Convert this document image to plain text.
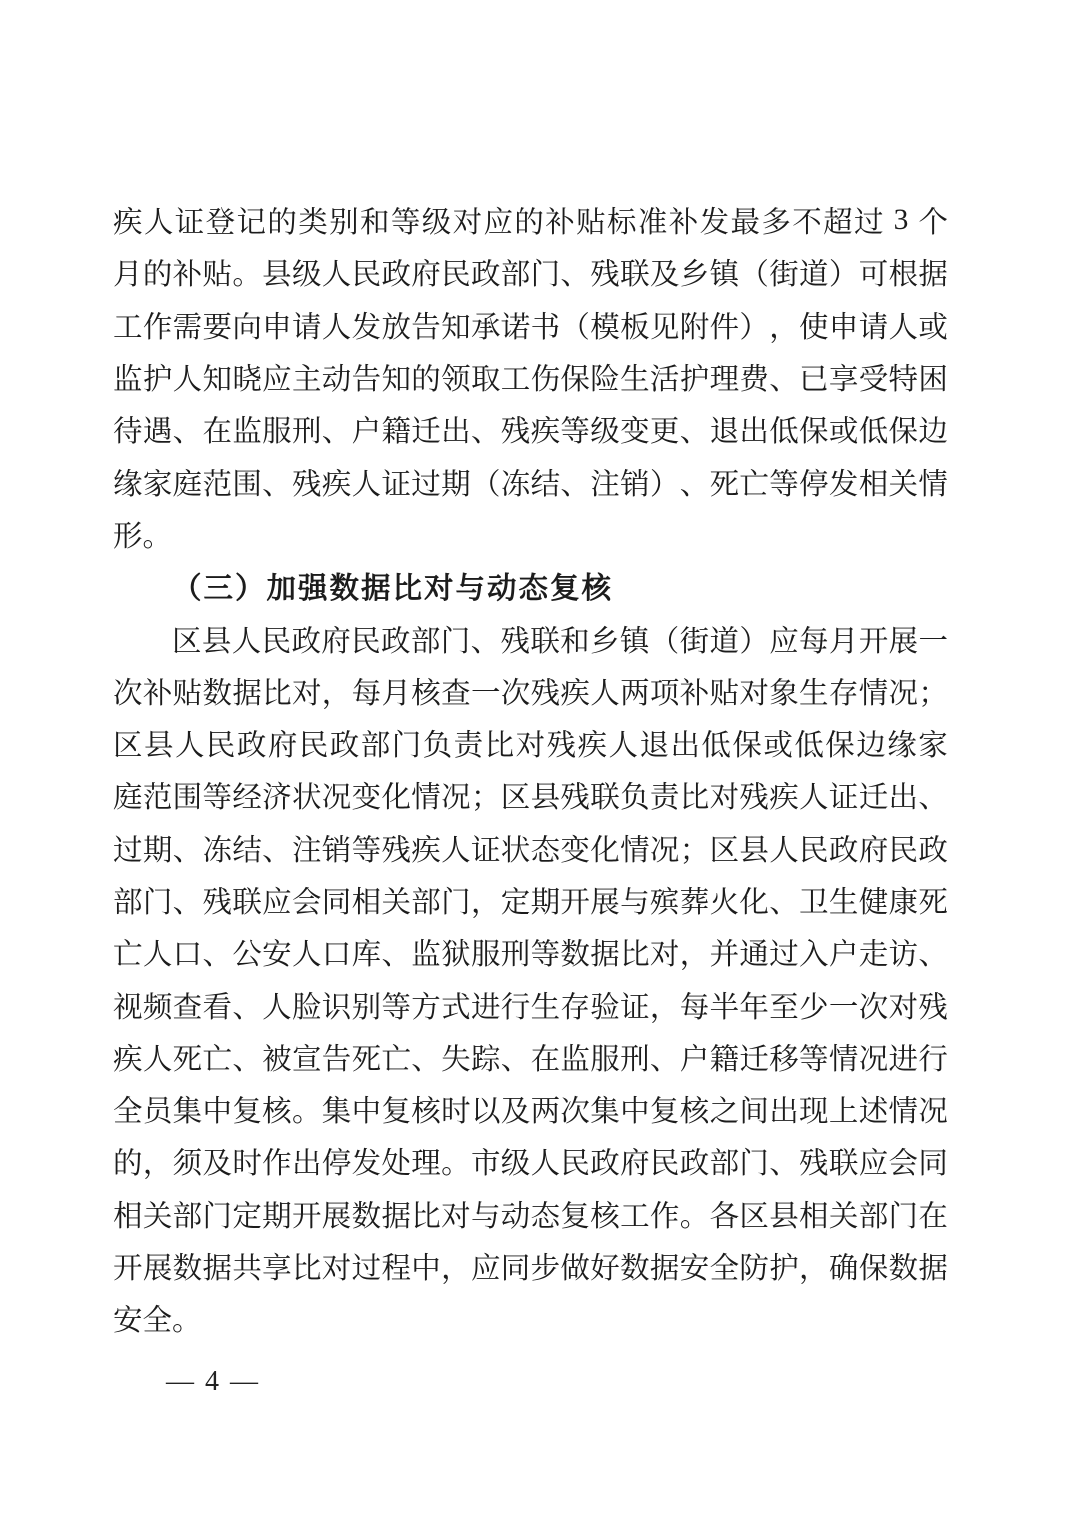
疾 人 证 登 记 的 类 别 和 等 级 对 应 的 补 贴 标 准 补 发 最 多 不 超 过
3
个
月 的 补 贴 。 县 级 人 民 政 府 民 政 部 门 、 残 联 及 乡 镇 （ 街 道 ） 可 根 据
工 作 需 要 向 申 请 人 发 放 告 知 承 诺 书 （ 模 板 见 附 件 ） ， 使 申 请 人 或
监 护 人 知 晓 应 主 动 告 知 的 领 取 工 伤 保 险 生 活 护 理 费 、 已 享 受 特 困
待 遇 、 在 监 服 刑 、 户 籍 迁 出 、 残 疾 等 级 变 更 、 退 出 低 保 或 低 保 边
缘 家 庭 范 围 、 残 疾 人 证 过 期 （ 冻 结 、 注 销 ） 、 死 亡 等 停 发 相 关 情
形。
（三）加强数据比对与动态复核
区 县 人 民 政 府 民 政 部 门 、 残 联 和 乡 镇 （ 街 道 ） 应 每 月 开 展 一
次 补 贴 数 据 比 对 ， 每 月 核 查 一 次 残 疾 人 两 项 补 贴 对 象 生 存 情 况 ；
区 县 人 民 政 府 民 政 部 门 负 责 比 对 残 疾 人 退 出 低 保 或 低 保 边 缘 家
庭 范 围 等 经 济 状 况 变 化 情 况 ； 区 县 残 联 负 责 比 对 残 疾 人 证 迁 出 、
过 期 、 冻 结 、 注 销 等 残 疾 人 证 状 态 变 化 情 况 ； 区 县 人 民 政 府 民 政
部 门 、 残 联 应 会 同 相 关 部 门 ， 定 期 开 展 与 殡 葬 火 化 、 卫 生 健 康 死
亡 人 口 、 公 安 人 口 库 、 监 狱 服 刑 等 数 据 比 对 ， 并 通 过 入 户 走 访 、
视 频 查 看 、 人 脸 识 别 等 方 式 进 行 生 存 验 证 ， 每 半 年 至 少 一 次 对 残
疾 人 死 亡 、 被 宣 告 死 亡 、 失 踪 、 在 监 服 刑 、 户 籍 迁 移 等 情 况 进 行
全 员 集 中 复 核 。 集 中 复 核 时 以 及 两 次 集 中 复 核 之 间 出 现 上 述 情 况
的 ， 须 及 时 作 出 停 发 处 理 。 市 级 人 民 政 府 民 政 部 门 、 残 联 应 会 同
相 关 部 门 定 期 开 展 数 据 比 对 与 动 态 复 核 工 作 。 各 区 县 相 关 部 门 在
开 展 数 据 共 享 比 对 过 程 中 ， 应 同 步 做 好 数 据 安 全 防 护 ， 确 保 数 据
安全。
— 4 —
